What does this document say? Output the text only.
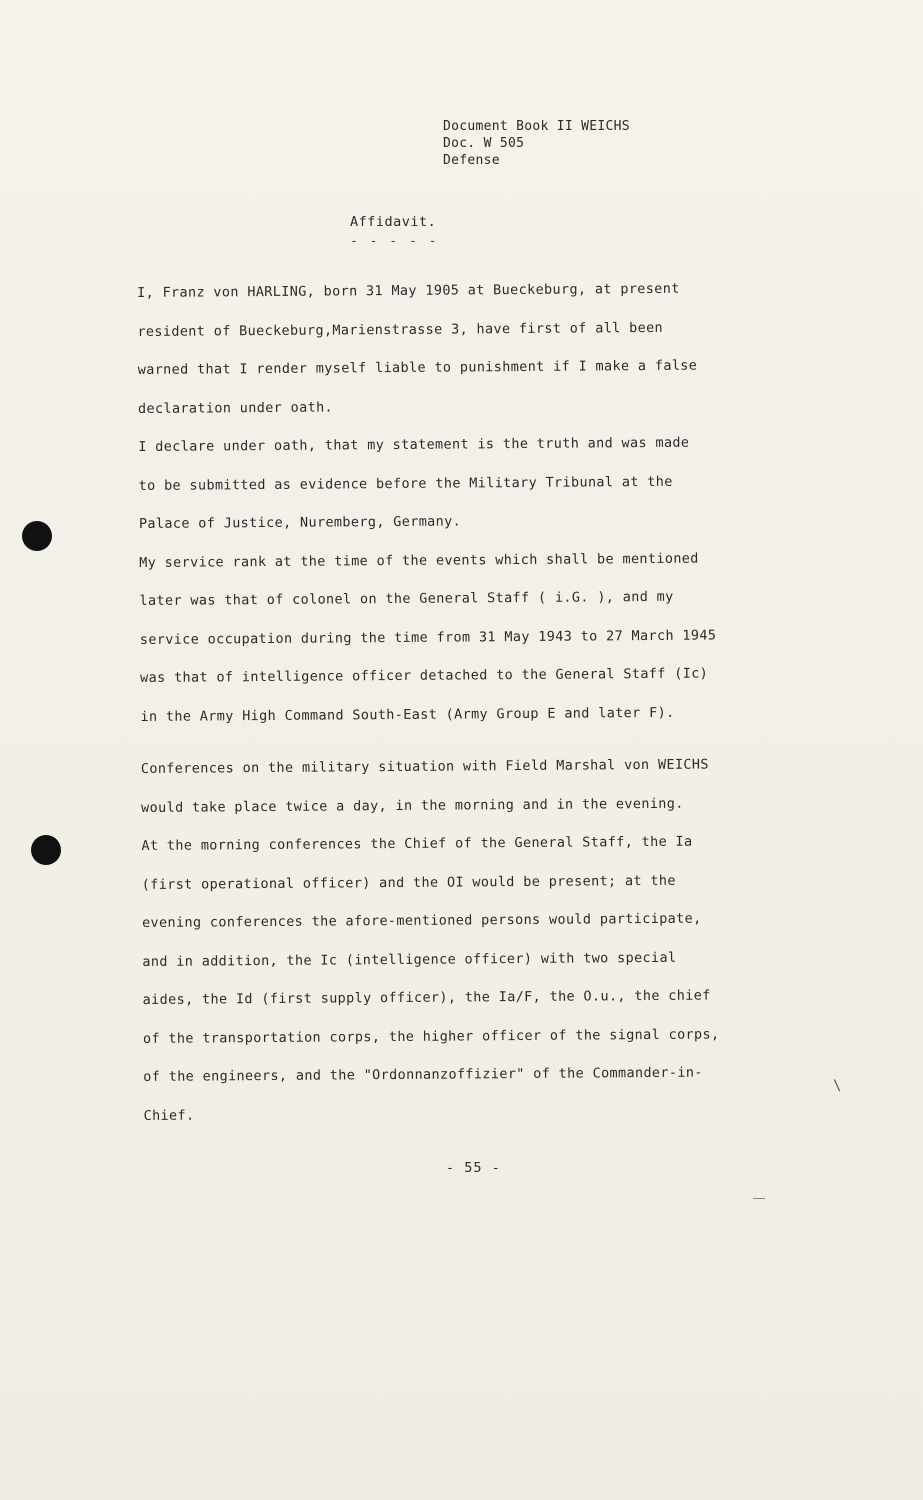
Document Book II WEICHS
Doc. W 505
Defense
Affidavit.
- - - - -
I, Franz von HARLING, born 31 May 1905 at Bueckeburg, at present
resident of Bueckeburg,Marienstrasse 3, have first of all been
warned that I render myself liable to punishment if I make a false
declaration under oath.
I declare under oath, that my statement is the truth and was made
to be submitted as evidence before the Military Tribunal at the
Palace of Justice, Nuremberg, Germany.
My service rank at the time of the events which shall be mentioned
later was that of colonel on the General Staff ( i.G. ), and my
service occupation during the time from 31 May 1943 to 27 March 1945
was that of intelligence officer detached to the General Staff (Ic)
in the Army High Command South-East (Army Group E and later F).
Conferences on the military situation with Field Marshal von WEICHS
would take place twice a day, in the morning and in the evening.
At the morning conferences the Chief of the General Staff, the Ia
(first operational officer) and the OI would be present; at the
evening conferences the afore-mentioned persons would participate,
and in addition, the Ic (intelligence officer) with two special
aides, the Id (first supply officer), the Ia/F, the O.u., the chief
of the transportation corps, the higher officer of the signal corps,
of the engineers, and the "Ordonnanzoffizier" of the Commander-in-
Chief.
- 55 -
\
